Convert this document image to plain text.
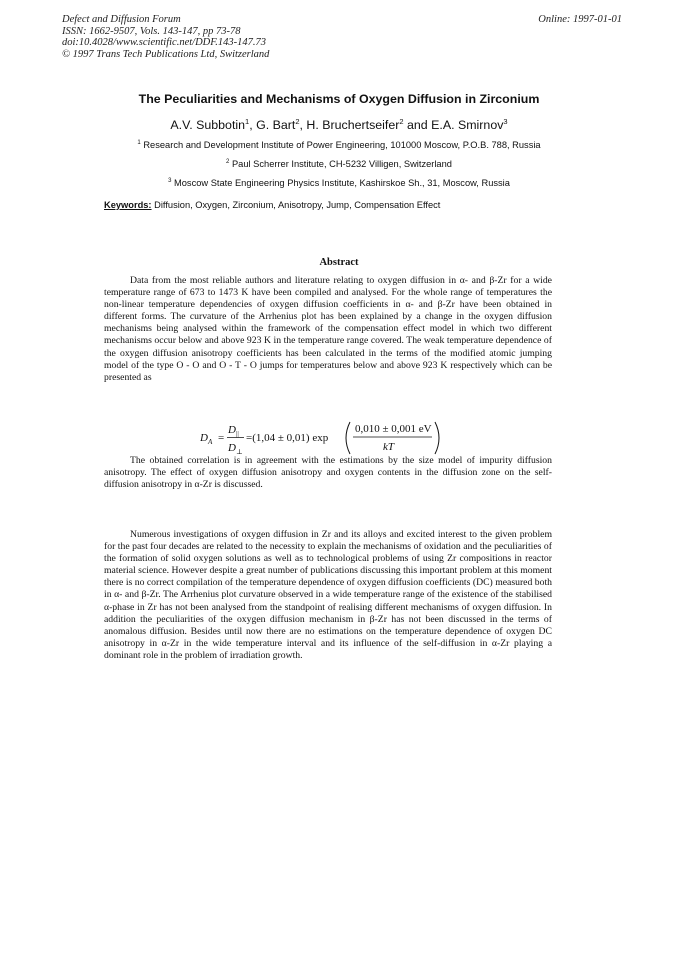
Defect and Diffusion Forum
ISSN: 1662-9507, Vols. 143-147, pp 73-78
doi:10.4028/www.scientific.net/DDF.143-147.73
© 1997 Trans Tech Publications Ltd, Switzerland
Online: 1997-01-01
The Peculiarities and Mechanisms of Oxygen Diffusion in Zirconium
A.V. Subbotin$^1$, G. Bart$^2$, H. Bruchertseifer$^2$ and E.A. Smirnov$^3$
$^1$ Research and Development Institute of Power Engineering, 101000 Moscow, P.O.B. 788, Russia
$^2$ Paul Scherrer Institute, CH-5232 Villigen, Switzerland
$^3$ Moscow State Engineering Physics Institute, Kashirskoe Sh., 31, Moscow, Russia
Keywords: Diffusion, Oxygen, Zirconium, Anisotropy, Jump, Compensation Effect
Abstract
Data from the most reliable authors and literature relating to oxygen diffusion in α- and β-Zr for a wide temperature range of 673 to 1473 K have been compiled and analysed. For the whole range of temperatures the non-linear temperature dependencies of oxygen diffusion coefficients in α- and β-Zr have been obtained in different forms. The curvature of the Arrhenius plot has been explained by a change in the oxygen diffusion mechanisms being analysed within the framework of the compensation effect model in which two different mechanisms occur below and above 923 K in the temperature range covered. The weak temperature dependence of the oxygen diffusion anisotropy coefficients has been calculated in the terms of the modified atomic jumping model of the type O - O and O - T - O jumps for temperatures below and above 923 K respectively which can be presented as
D A =
D ||
D ⊥
=(1,04 ± 0,01) exp
0,010 ± 0,001 eV
kT
The obtained correlation is in agreement with the estimations by the size model of impurity diffusion anisotropy. The effect of oxygen diffusion anisotropy and oxygen contents in the diffusion zone on the self-diffusion anisotropy in α-Zr is discussed.
Numerous investigations of oxygen diffusion in Zr and its alloys and excited interest to the given problem for the past four decades are related to the necessity to explain the mechanisms of oxidation and the peculiarities of the formation of solid oxygen solutions as well as to technological problems of using Zr compositions in reactor material science. However despite a great number of publications discussing this important problem at this moment there is no correct compilation of the temperature dependence of oxygen diffusion coefficients (DC) measured both in α- and β-Zr. The Arrhenius plot curvature observed in a wide temperature range of the existence of the stabilised α-phase in Zr has not been analysed from the standpoint of realising different mechanisms of oxygen diffusion. In addition the peculiarities of the oxygen diffusion mechanism in β-Zr has not been discussed in the terms of anomalous diffusion. Besides until now there are no estimations on the temperature dependence of oxygen DC anisotropy in α-Zr in the wide temperature interval and its influence of the self-diffusion in α-Zr playing a dominant role in the problem of irradiation growth.
